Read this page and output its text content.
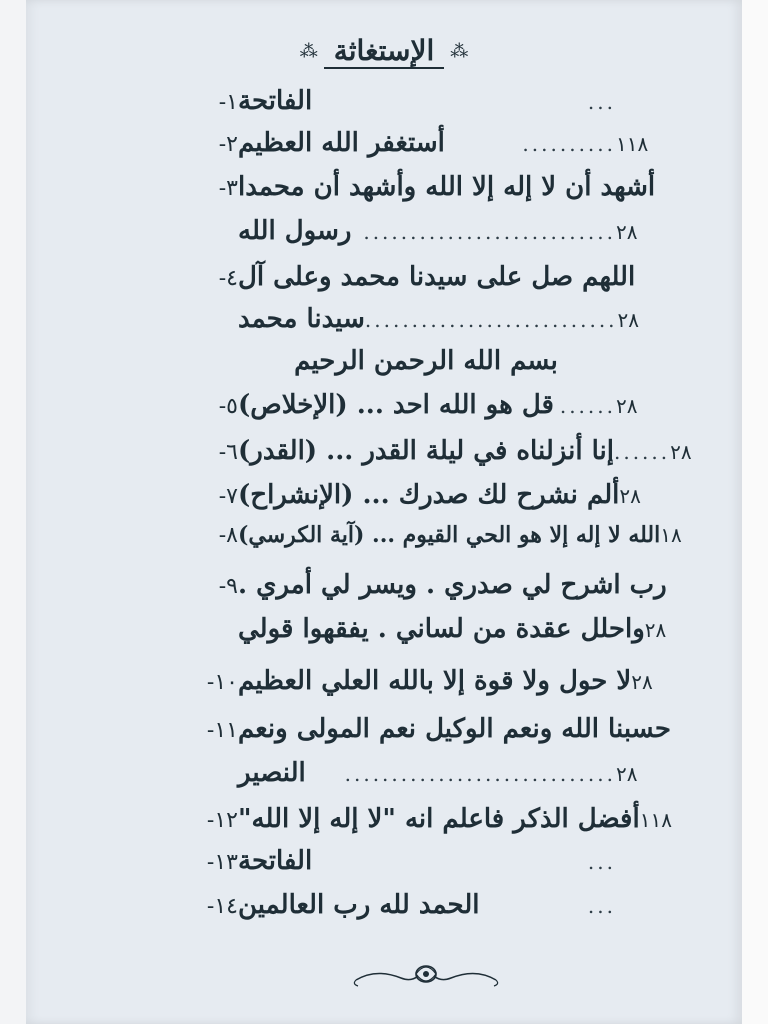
⁂
الإستغاثة
⁂
١- الفاتحة	...
٢- أستغفر الله العظيم	.......... ١١٨
٣- أشهد أن لا إله إلا الله وأشهد أن محمدا
رسول الله ........................... ٢٨
٤- اللهم صل على سيدنا محمد وعلى آل
سيدنا محمد ........................... ٢٨
بسم الله الرحمن الرحيم
٥- قل هو الله احد ... (الإخلاص) ...... ٢٨
٦- إنا أنزلناه في ليلة القدر ... (القدر) ...... ٢٨
٧- ألم نشرح لك صدرك ... (الإنشراح) ٢٨
٨- الله لا إله إلا هو الحي القيوم ... (آية الكرسي) ١٨
٩- رب اشرح لي صدري . ويسر لي أمري .
واحلل عقدة من لساني . يفقهوا قولي ٢٨
١٠- لا حول ولا قوة إلا بالله العلي العظيم ٢٨
١١- حسبنا الله ونعم الوكيل نعم المولى ونعم
النصير	............................. ٢٨
١٢- أفضل الذكر فاعلم انه "لا إله إلا الله" ١١٨
١٣- الفاتحة	...
١٤- الحمد لله رب العالمين	...
